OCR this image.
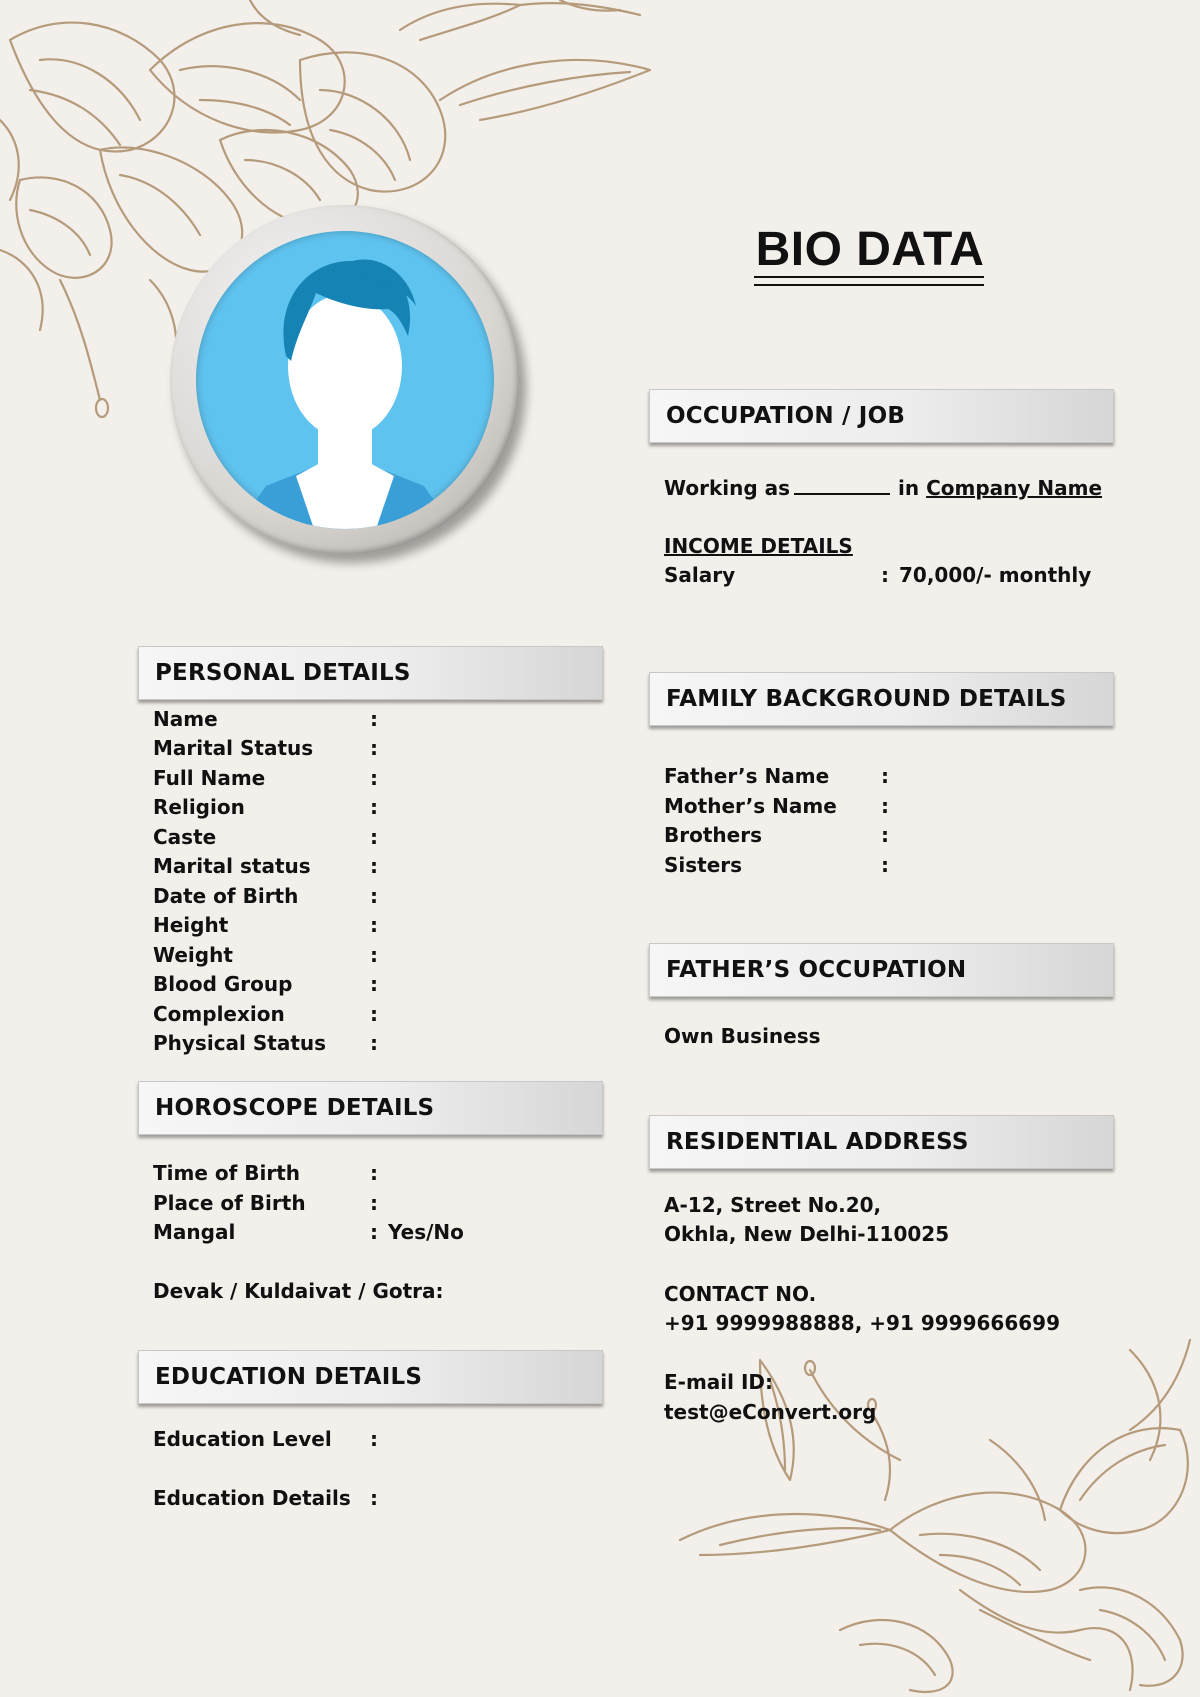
BIO DATA
PERSONAL DETAILS
Name	:
Marital Status	:
Full Name	:
Religion	:
Caste	:
Marital status	:
Date of Birth	:
Height	:
Weight	:
Blood Group	:
Complexion	:
Physical Status :
HOROSCOPE DETAILS
Time of Birth	:
Place of Birth	:
Mangal	: Yes/No
Devak / Kuldaivat / Gotra:
EDUCATION DETAILS
Education Level :
Education Details :
OCCUPATION / JOB
Working as	in Company Name
INCOME DETAILS
Salary	: 70,000/- monthly
FAMILY BACKGROUND DETAILS
Father’s Name	:
Mother’s Name :
Brothers	:
Sisters	:
FATHER’S OCCUPATION
Own Business
RESIDENTIAL ADDRESS
A-12, Street No.20,
Okhla, New Delhi-110025
CONTACT NO.
+91 9999988888, +91 9999666699
E-mail ID:
test@eConvert.org
